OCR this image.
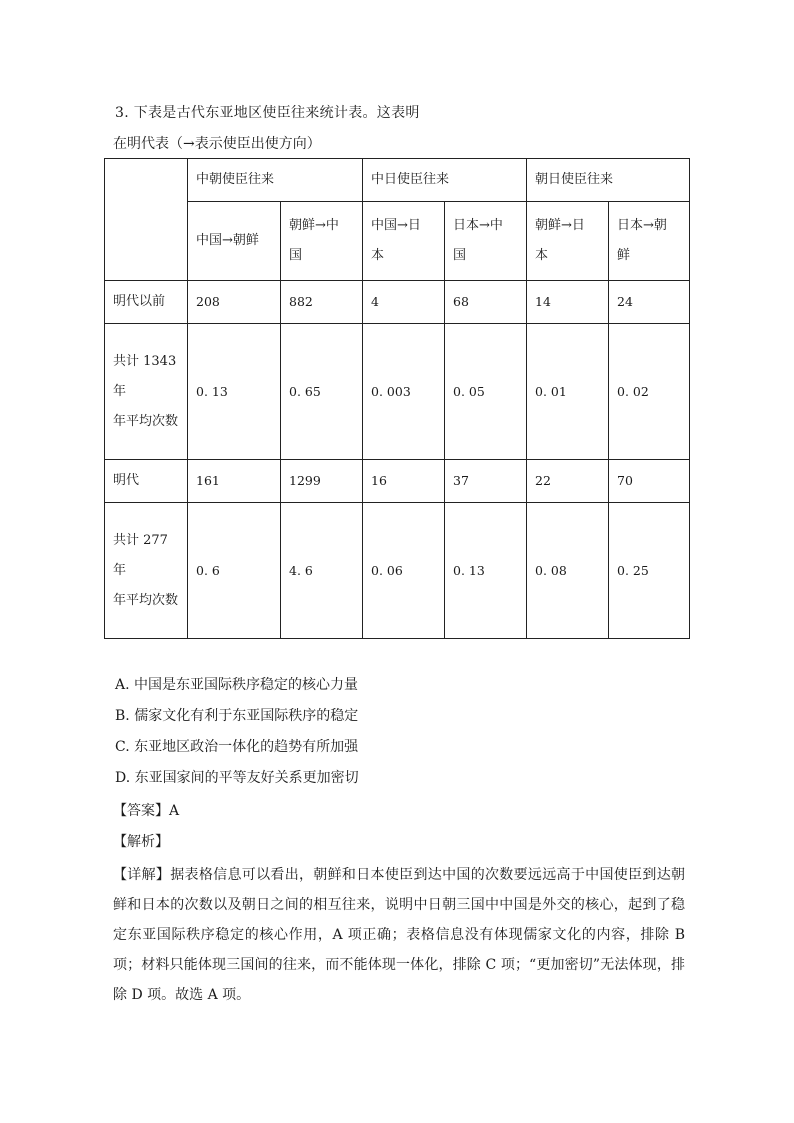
3. 下表是古代东亚地区使臣往来统计表。这表明
在明代表（→表示使臣出使方向）
	中朝使臣往来		中日使臣往来		朝日使臣往来	
	中国→朝鲜	朝鲜→中国	中国→日本	日本→中国	朝鲜→日本	日本→朝鲜

明代以前	208	882	4	68	14	24

共计 1343 年
年平均次数	0. 13	0. 65	0. 003	0. 05	0. 01	0. 02
明代	161	1299	16	37	22	70

共计 277 年
年平均次数	0. 6	4. 6	0. 06	0. 13	0. 08	0. 25
A. 中国是东亚国际秩序稳定的核心力量
B. 儒家文化有利于东亚国际秩序的稳定
C. 东亚地区政治一体化的趋势有所加强
D. 东亚国家间的平等友好关系更加密切
【答案】A
【解析】
【详解】据表格信息可以看出，朝鲜和日本使臣到达中国的次数要远远高于中国使臣到达朝鲜和日本的次数以及朝日之间的相互往来，说明中日朝三国中中国是外交的核心，起到了稳定东亚国际秩序稳定的核心作用，A 项正确；表格信息没有体现儒家文化的内容，排除 B 项；材料只能体现三国间的往来，而不能体现一体化，排除 C 项；“更加密切”无法体现，排除 D 项。故选 A 项。
